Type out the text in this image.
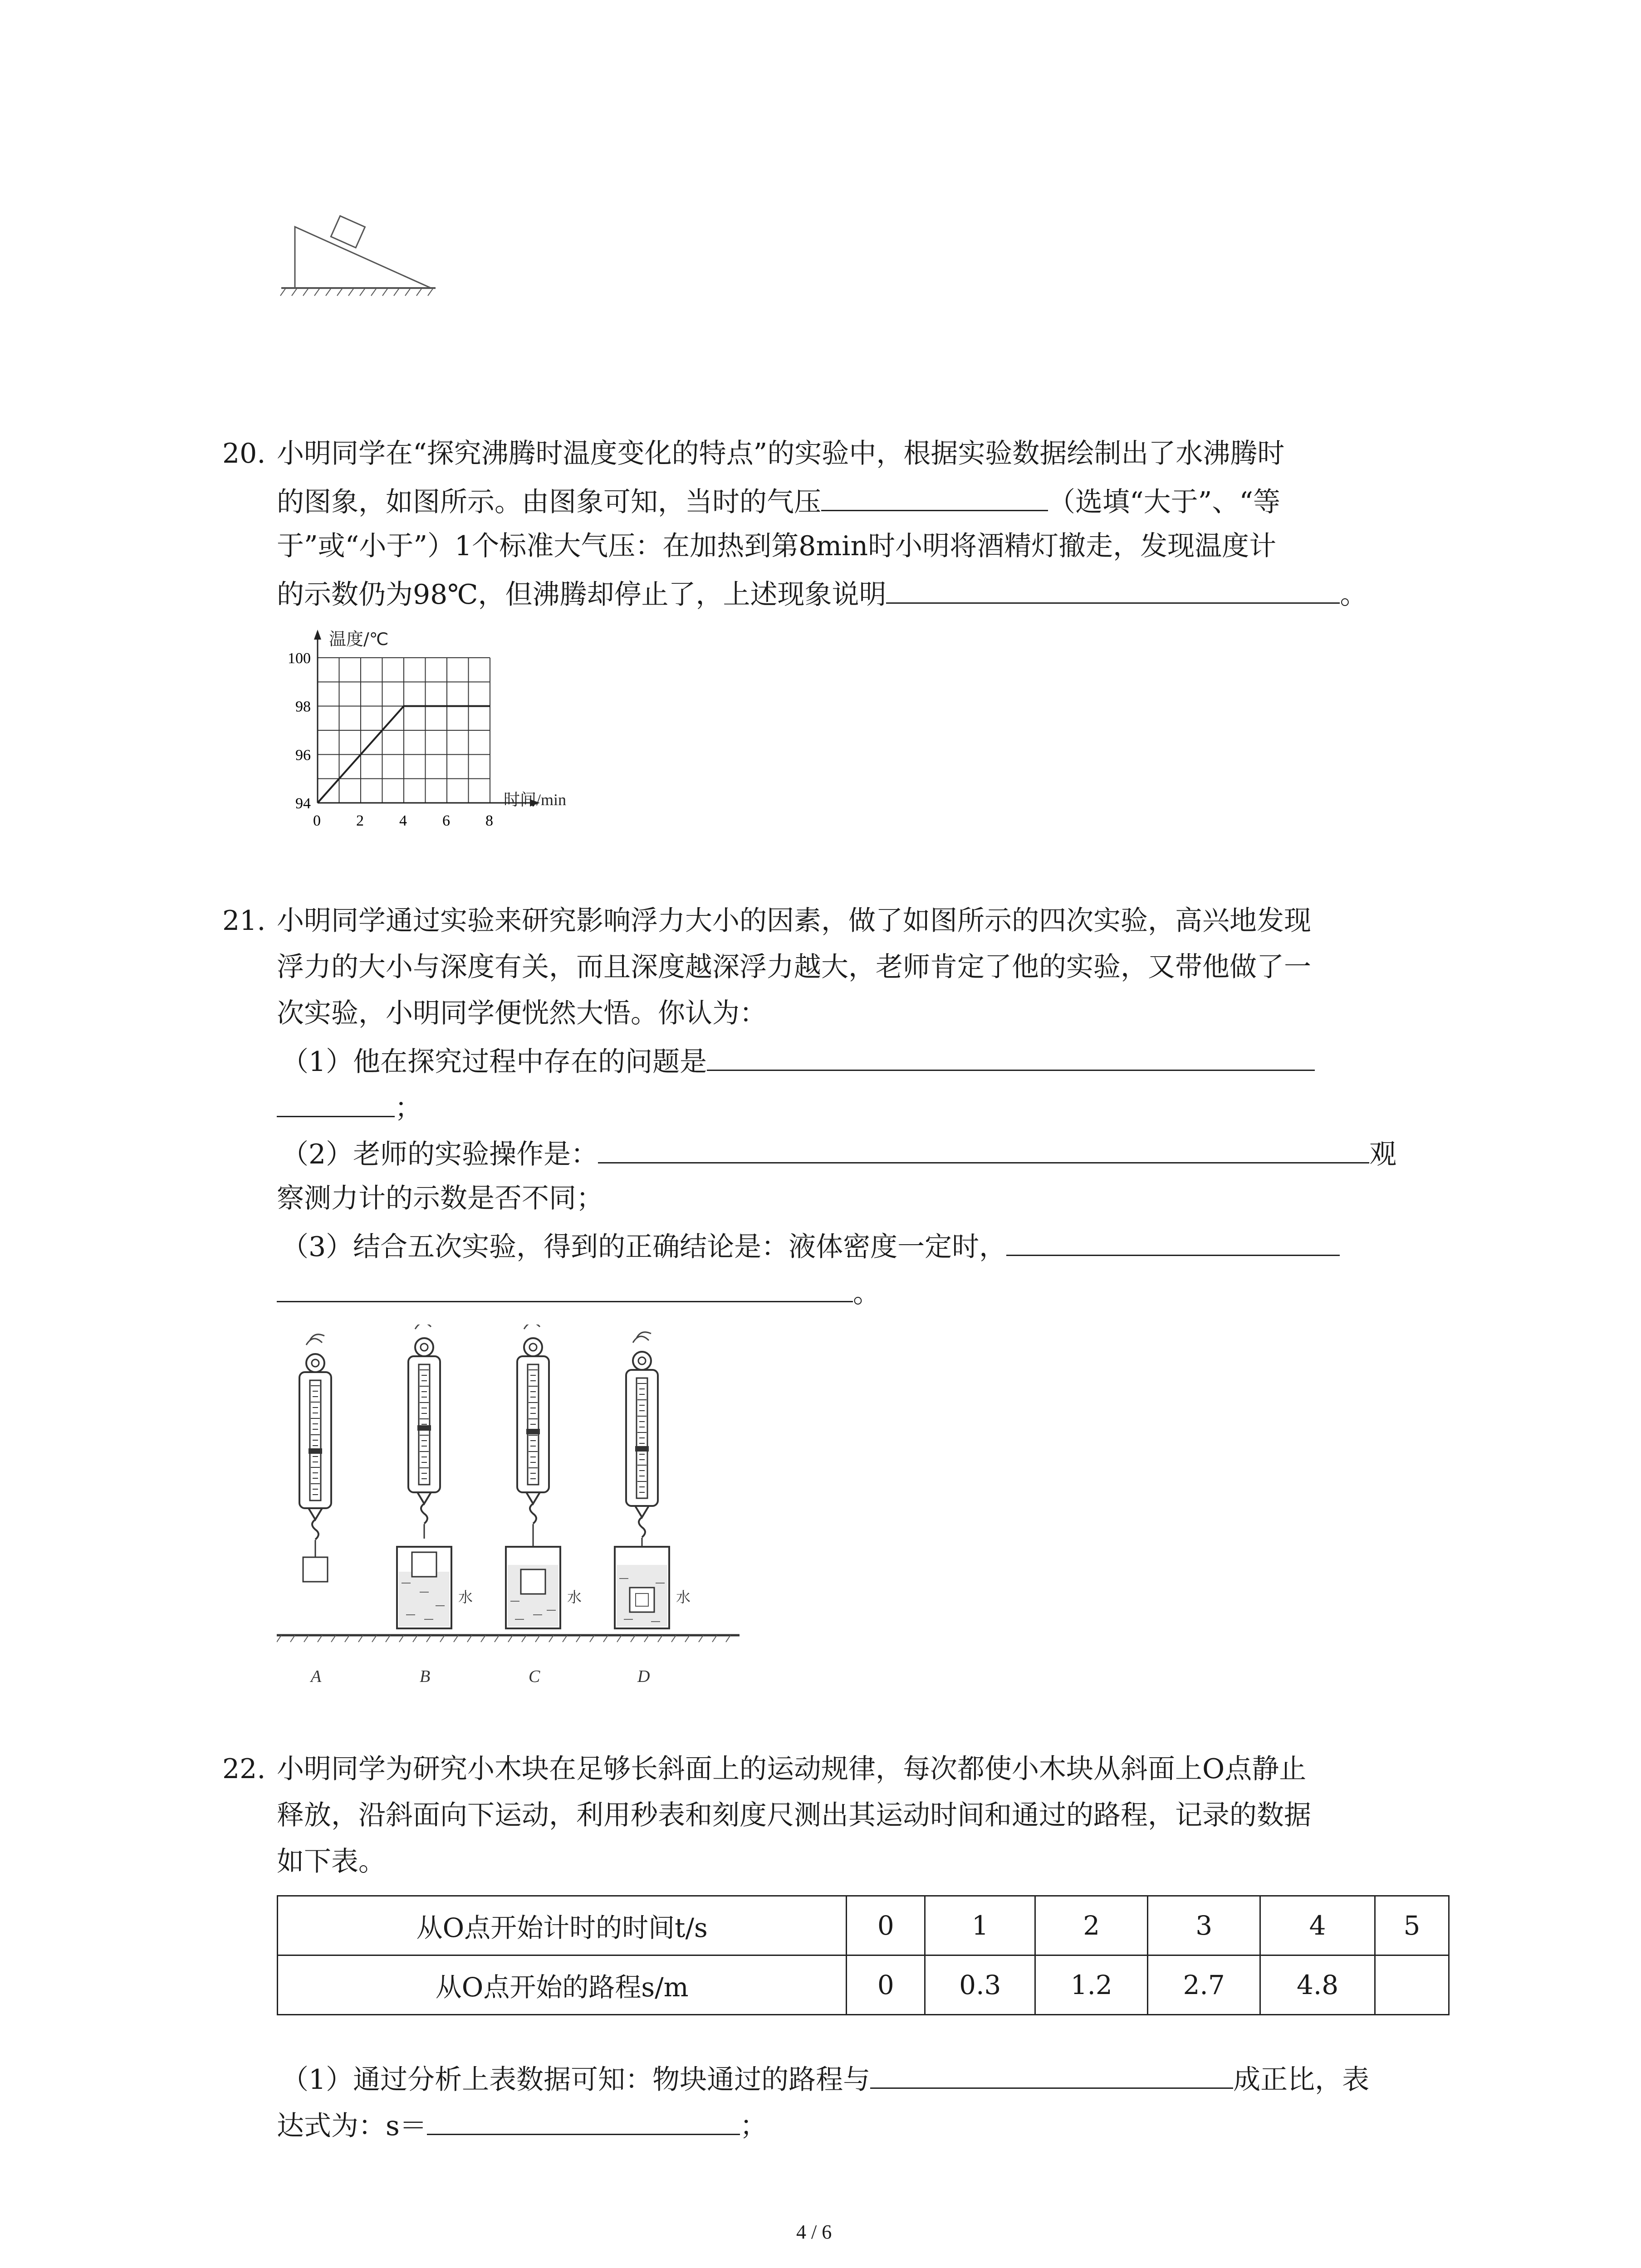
20. 小明同学在“探究沸腾时温度变化的特点”的实验中，根据实验数据绘制出了水沸腾时
的图象，如图所示。由图象可知，当时的气压	（选填“大于”、“等
于”或“小于”）1个标准大气压：在加热到第8min时小明将酒精灯撤走，发现温度计
的示数仍为98℃，但沸腾却停止了，上述现象说明	。
温度/℃
时间/min
0 2 4 6 8
94
96
98
100
21. 小明同学通过实验来研究影响浮力大小的因素，做了如图所示的四次实验，高兴地发现
浮力的大小与深度有关，而且深度越深浮力越大，老师肯定了他的实验，又带他做了一
次实验，小明同学便恍然大悟。你认为：
（1）他在探究过程中存在的问题是
；
（2）老师的实验操作是：	观
察测力计的示数是否不同；
（3）结合五次实验，得到的正确结论是：液体密度一定时，
。
水	水	水
A	B	C	D
22. 小明同学为研究小木块在足够长斜面上的运动规律，每次都使小木块从斜面上O点静止
释放，沿斜面向下运动，利用秒表和刻度尺测出其运动时间和通过的路程，记录的数据
如下表。
从O点开始计时的时间t/s	0	1	2	3	4	5
从O点开始的路程s/m	0	0.3	1.2	2.7	4.8	
（1）通过分析上表数据可知：物块通过的路程与	成正比，表
达式为：s＝	；
4 / 6
